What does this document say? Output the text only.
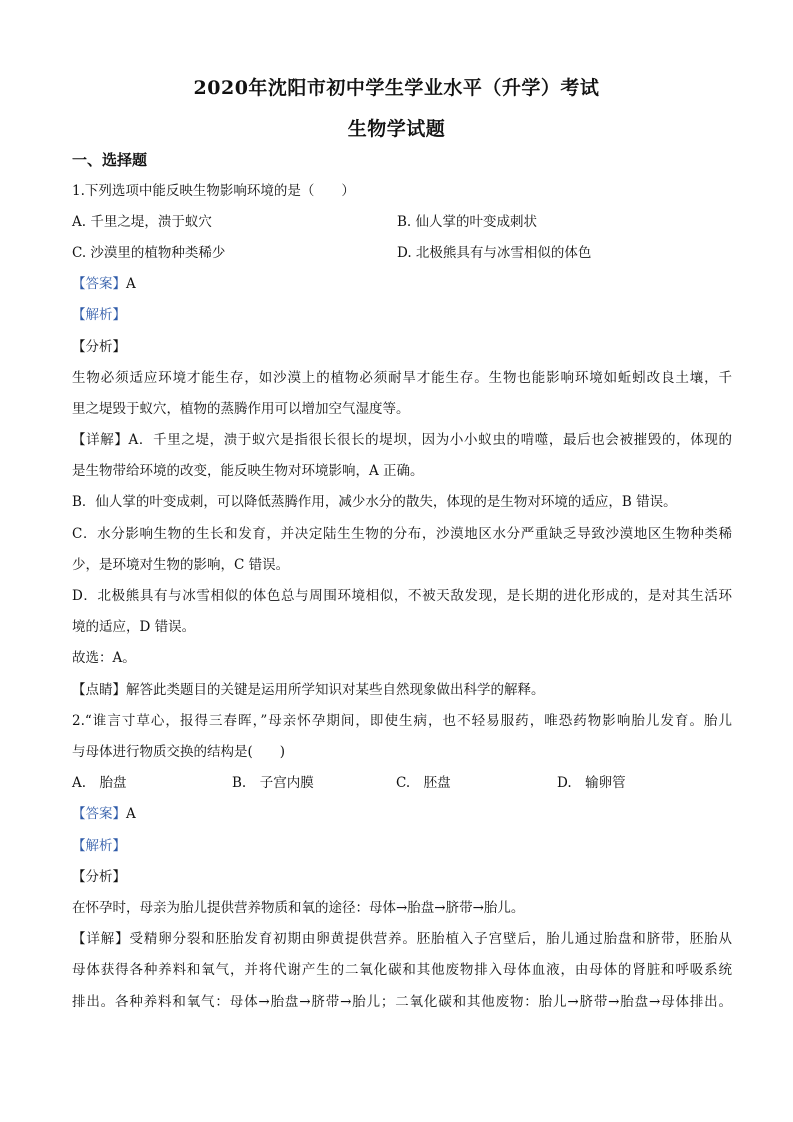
2020年沈阳市初中学生学业水平（升学）考试
生物学试题
一、选择题
1.下列选项中能反映生物影响环境的是（　　）
A. 千里之堤，溃于蚁穴	B. 仙人掌的叶变成刺状
C. 沙漠里的植物种类稀少	D. 北极熊具有与冰雪相似的体色
【答案】A
【解析】
【分析】
生物必须适应环境才能生存，如沙漠上的植物必须耐旱才能生存。生物也能影响环境如蚯蚓改良土壤，千
里之堤毁于蚁穴，植物的蒸腾作用可以增加空气湿度等。
【详解】A．千里之堤，溃于蚁穴是指很长很长的堤坝，因为小小蚁虫的啃噬，最后也会被摧毁的，体现的
是生物带给环境的改变，能反映生物对环境影响，A 正确。
B．仙人掌的叶变成刺，可以降低蒸腾作用，减少水分的散失，体现的是生物对环境的适应，B 错误。
C．水分影响生物的生长和发育，并决定陆生生物的分布，沙漠地区水分严重缺乏导致沙漠地区生物种类稀
少，是环境对生物的影响，C 错误。
D．北极熊具有与冰雪相似的体色总与周围环境相似，不被天敌发现，是长期的进化形成的，是对其生活环
境的适应，D 错误。
故选：A。
【点睛】解答此类题目的关键是运用所学知识对某些自然现象做出科学的解释。
2.“谁言寸草心，报得三春晖，”母亲怀孕期间，即使生病，也不轻易服药，唯恐药物影响胎儿发育。胎儿
与母体进行物质交换的结构是(　　)
A.　胎盘	B.　子宫内膜	C.　胚盘	D.　输卵管
【答案】A
【解析】
【分析】
在怀孕时，母亲为胎儿提供营养物质和氧的途径：母体→胎盘→脐带→胎儿。
【详解】受精卵分裂和胚胎发育初期由卵黄提供营养。胚胎植入子宫壁后，胎儿通过胎盘和脐带，胚胎从
母体获得各种养料和氧气，并将代谢产生的二氧化碳和其他废物排入母体血液，由母体的肾脏和呼吸系统
排出。各种养料和氧气：母体→胎盘→脐带→胎儿；二氧化碳和其他废物：胎儿→脐带→胎盘→母体排出。
